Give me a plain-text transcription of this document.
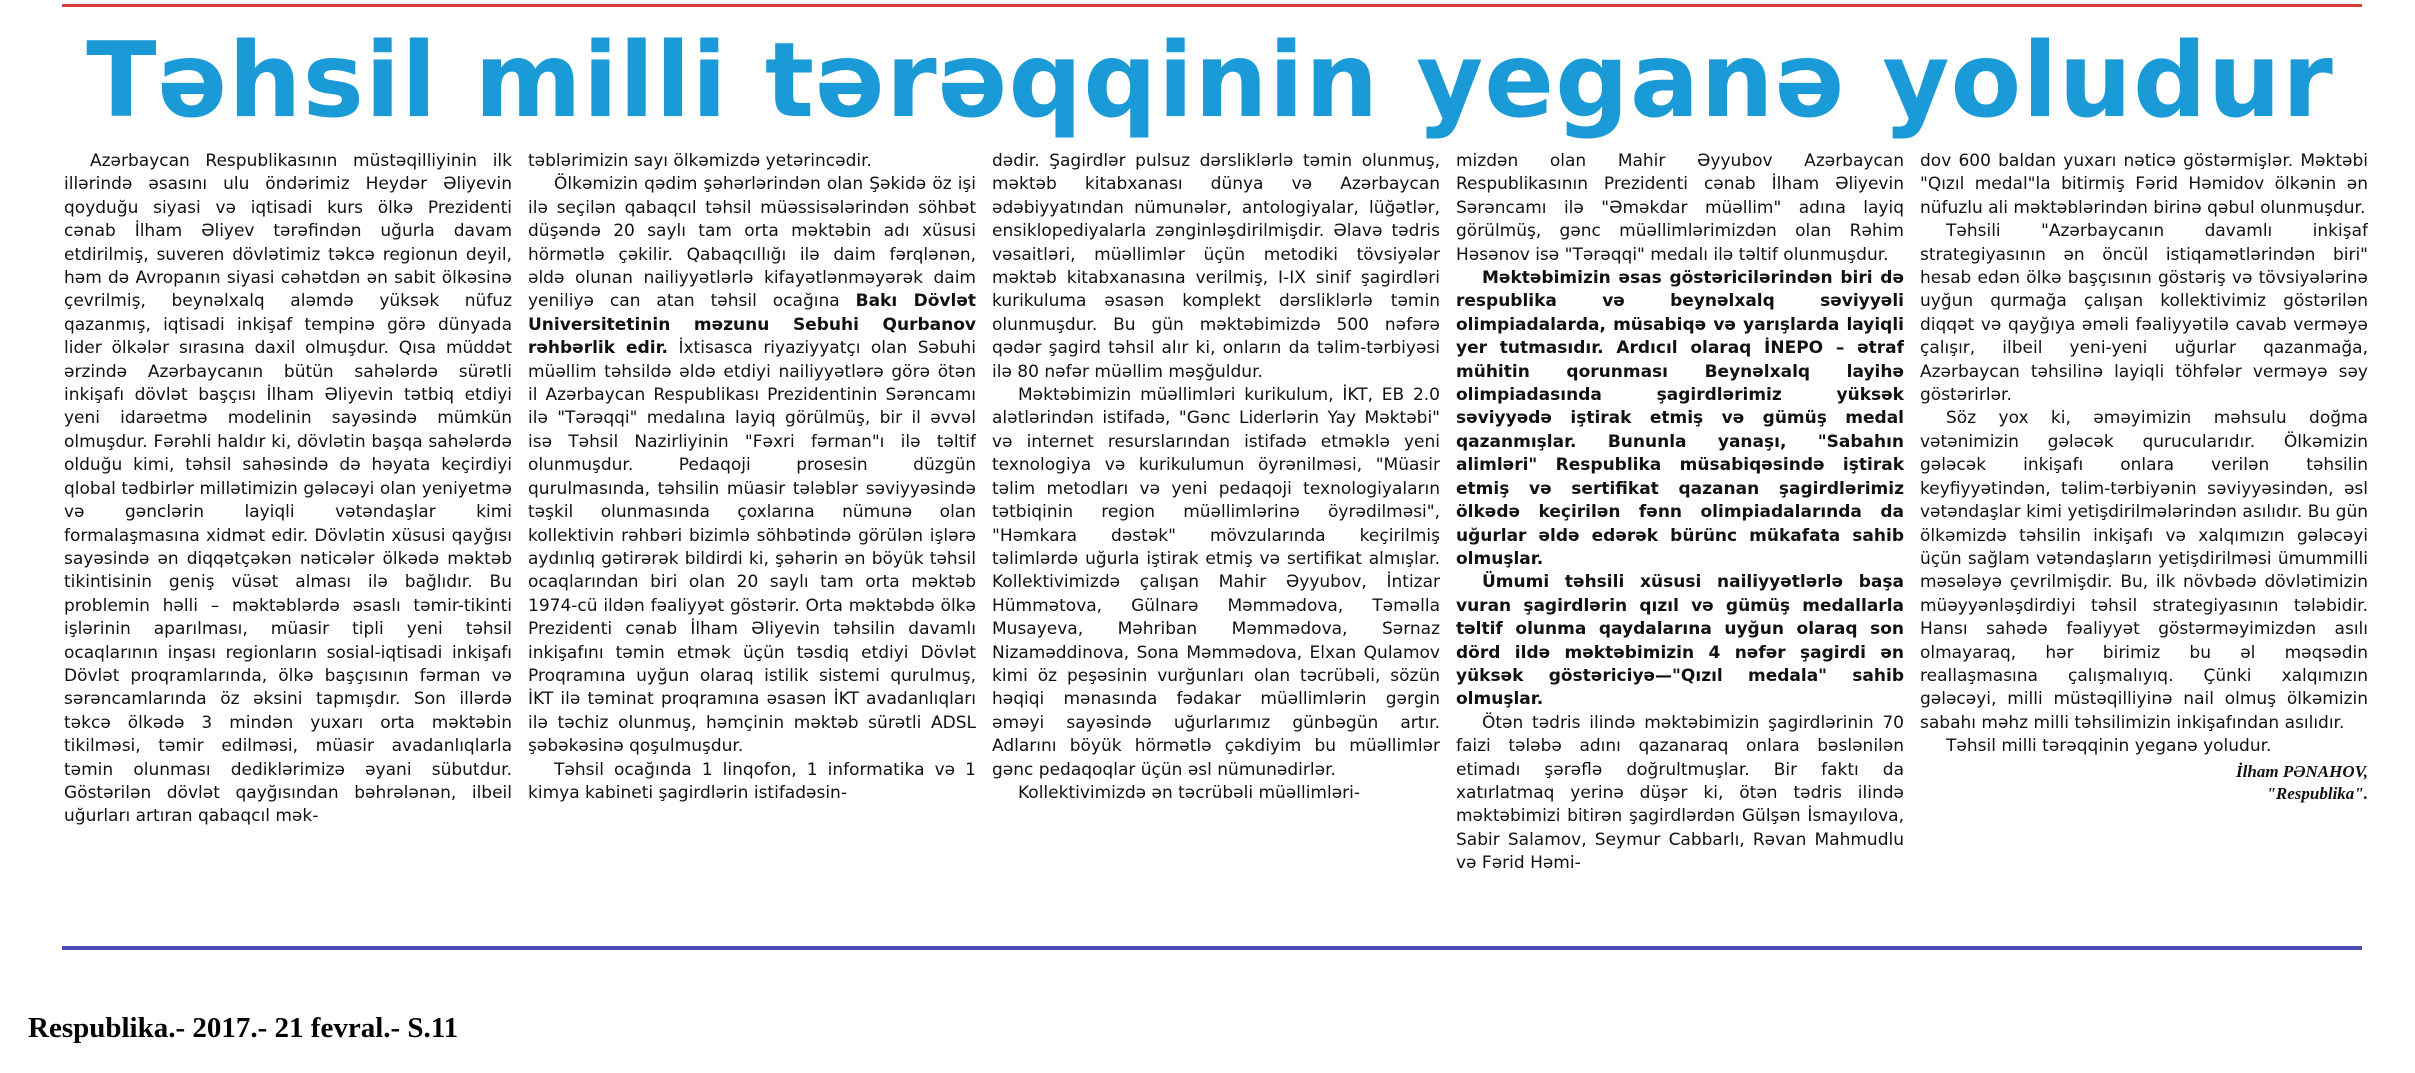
Təhsil milli tərəqqinin yeganə yoludur

Azərbaycan Respublikasının müstəqilliyinin ilk illərində əsasını ulu öndərimiz Heydər Əliyevin qoyduğu siyasi və iqtisadi kurs ölkə Prezidenti cənab İlham Əliyev tərəfindən uğurla davam etdirilmiş, suveren dövlətimiz təkcə regionun deyil, həm də Avropanın siyasi cəhətdən ən sabit ölkəsinə çevrilmiş, beynəlxalq aləmdə yüksək nüfuz qazanmış, iqtisadi inkişaf tempinə görə dünyada lider ölkələr sırasına daxil olmuşdur. Qısa müddət ərzində Azərbaycanın bütün sahələrdə sürətli inkişafı dövlət başçısı İlham Əliyevin tətbiq etdiyi yeni idarəetmə modelinin sayəsində mümkün olmuşdur. Fərəhli haldır ki, dövlətin başqa sahələrdə olduğu kimi, təhsil sahəsində də həyata keçirdiyi qlobal tədbirlər millətimizin gələcəyi olan yeniyetmə və gənclərin layiqli vətəndaşlar kimi formalaşmasına xidmət edir. Dövlətin xüsusi qayğısı sayəsində ən diqqətçəkən nəticələr ölkədə məktəb tikintisinin geniş vüsət alması ilə bağlıdır. Bu problemin həlli – məktəblərdə əsaslı təmir-tikinti işlərinin aparılması, müasir tipli yeni təhsil ocaqlarının inşası regionların sosial-iqtisadi inkişafı Dövlət proqramlarında, ölkə başçısının fərman və sərəncamlarında öz əksini tapmışdır. Son illərdə təkcə ölkədə 3 mindən yuxarı orta məktəbin tikilməsi, təmir edilməsi, müasir avadanlıqlarla təmin olunması dediklərimizə əyani sübutdur. Göstərilən dövlət qayğısından bəhrələnən, ilbeil uğurları artıran qabaqcıl mək-

təblərimizin sayı ölkəmizdə yetərincədir.

Ölkəmizin qədim şəhərlərindən olan Şəkidə öz işi ilə seçilən qabaqcıl təhsil müəssisələrindən söhbət düşəndə 20 saylı tam orta məktəbin adı xüsusi hörmətlə çəkilir. Qabaqcıllığı ilə daim fərqlənən, əldə olunan nailiyyətlərlə kifayətlənməyərək daim yeniliyə can atan təhsil ocağına Bakı Dövlət Universitetinin məzunu Sebuhi Qurbanov rəhbərlik edir. İxtisasca riyaziyyatçı olan Səbuhi müəllim təhsildə əldə etdiyi nailiyyətlərə görə ötən il Azərbaycan Respublikası Prezidentinin Sərəncamı ilə "Tərəqqi" medalına layiq görülmüş, bir il əvvəl isə Təhsil Nazirliyinin "Fəxri fərman"ı ilə təltif olunmuşdur. Pedaqoji prosesin düzgün qurulmasında, təhsilin müasir tələblər səviyyəsində təşkil olunmasında çoxlarına nümunə olan kollektivin rəhbəri bizimlə söhbətində görülən işlərə aydınlıq gətirərək bildirdi ki, şəhərin ən böyük təhsil ocaqlarından biri olan 20 saylı tam orta məktəb 1974-cü ildən fəaliyyət göstərir. Orta məktəbdə ölkə Prezidenti cənab İlham Əliyevin təhsilin davamlı inkişafını təmin etmək üçün təsdiq etdiyi Dövlət Proqramına uyğun olaraq istilik sistemi qurulmuş, İKT ilə təminat proqramına əsasən İKT avadanlıqları ilə təchiz olunmuş, həmçinin məktəb sürətli ADSL şəbəkəsinə qoşulmuşdur.

Təhsil ocağında 1 linqofon, 1 informatika və 1 kimya kabineti şagirdlərin istifadəsin-

dədir. Şagirdlər pulsuz dərsliklərlə təmin olunmuş, məktəb kitabxanası dünya və Azərbaycan ədəbiyyatından nümunələr, antologiyalar, lüğətlər, ensiklopediyalarla zənginləşdirilmişdir. Əlavə tədris vəsaitləri, müəllimlər üçün metodiki tövsiyələr məktəb kitabxanasına verilmiş, I-IX sinif şagirdləri kurikuluma əsasən komplekt dərsliklərlə təmin olunmuşdur. Bu gün məktəbimizdə 500 nəfərə qədər şagird təhsil alır ki, onların da təlim-tərbiyəsi ilə 80 nəfər müəllim məşğuldur.

Məktəbimizin müəllimləri kurikulum, İKT, EB 2.0 alətlərindən istifadə, "Gənc Liderlərin Yay Məktəbi" və internet resurslarından istifadə etməklə yeni texnologiya və kurikulumun öyrənilməsi, "Müasir təlim metodları və yeni pedaqoji texnologiyaların tətbiqinin region müəllimlərinə öyrədilməsi", "Həmkara dəstək" mövzularında keçirilmiş təlimlərdə uğurla iştirak etmiş və sertifikat almışlar. Kollektivimizdə çalışan Mahir Əyyubov, İntizar Hümmətova, Gülnarə Məmmədova, Təməlla Musayeva, Məhriban Məmmədova, Sərnaz Nizaməddinova, Sona Məmmədova, Elxan Qulamov kimi öz peşəsinin vurğunları olan təcrübəli, sözün həqiqi mənasında fədakar müəllimlərin gərgin əməyi sayəsində uğurlarımız günbəgün artır. Adlarını böyük hörmətlə çəkdiyim bu müəllimlər gənc pedaqoqlar üçün əsl nümunədirlər.

Kollektivimizdə ən təcrübəli müəllimləri-

mizdən olan Mahir Əyyubov Azərbaycan Respublikasının Prezidenti cənab İlham Əliyevin Sərəncamı ilə "Əməkdar müəllim" adına layiq görülmüş, gənc müəllimlərimizdən olan Rəhim Həsənov isə "Tərəqqi" medalı ilə təltif olunmuşdur.

Məktəbimizin əsas göstəricilərindən biri də respublika və beynəlxalq səviyyəli olimpiadalarda, müsabiqə və yarışlarda layiqli yer tutmasıdır. Ardıcıl olaraq İNEPO – ətraf mühitin qorunması Beynəlxalq layihə olimpiadasında şagirdlərimiz yüksək səviyyədə iştirak etmiş və gümüş medal qazanmışlar. Bununla yanaşı, "Sabahın alimləri" Respublika müsabiqəsində iştirak etmiş və sertifikat qazanan şagirdlərimiz ölkədə keçirilən fənn olimpiadalarında da uğurlar əldə edərək bürünc mükafata sahib olmuşlar.

Ümumi təhsili xüsusi nailiyyətlərlə başa vuran şagirdlərin qızıl və gümüş medallarla təltif olunma qaydalarına uyğun olaraq son dörd ildə məktəbimizin 4 nəfər şagirdi ən yüksək göstəriciyə—"Qızıl medala" sahib olmuşlar.

Ötən tədris ilində məktəbimizin şagirdlərinin 70 faizi tələbə adını qazanaraq onlara bəslənilən etimadı şərəflə doğrultmuşlar. Bir faktı da xatırlatmaq yerinə düşər ki, ötən tədris ilində məktəbimizi bitirən şagirdlərdən Gülşən İsmayılova, Sabir Salamov, Seymur Cabbarlı, Rəvan Mahmudlu və Fərid Həmi-

dov 600 baldan yuxarı nəticə göstərmişlər. Məktəbi "Qızıl medal"la bitirmiş Fərid Həmidov ölkənin ən nüfuzlu ali məktəblərindən birinə qəbul olunmuşdur.

Təhsili "Azərbaycanın davamlı inkişaf strategiyasının ən öncül istiqamətlərindən biri" hesab edən ölkə başçısının göstəriş və tövsiyələrinə uyğun qurmağa çalışan kollektivimiz göstərilən diqqət və qayğıya əməli fəaliyyətilə cavab verməyə çalışır, ilbeil yeni-yeni uğurlar qazanmağa, Azərbaycan təhsilinə layiqli töhfələr verməyə səy göstərirlər.

Söz yox ki, əməyimizin məhsulu doğma vətənimizin gələcək qurucularıdır. Ölkəmizin gələcək inkişafı onlara verilən təhsilin keyfiyyətindən, təlim-tərbiyənin səviyyəsindən, əsl vətəndaşlar kimi yetişdirilmələrindən asılıdır. Bu gün ölkəmizdə təhsilin inkişafı və xalqımızın gələcəyi üçün sağlam vətəndaşların yetişdirilməsi ümummilli məsələyə çevrilmişdir. Bu, ilk növbədə dövlətimizin müəyyənləşdirdiyi təhsil strategiyasının tələbidir. Hansı sahədə fəaliyyət göstərməyimizdən asılı olmayaraq, hər birimiz bu əl məqsədin reallaşmasına çalışmalıyıq. Çünki xalqımızın gələcəyi, milli müstəqilliyinə nail olmuş ölkəmizin sabahı məhz milli təhsilimizin inkişafından asılıdır.

Təhsil milli tərəqqinin yeganə yoludur.

İlham PƏNAHOV,
"Respublika".

Respublika.- 2017.- 21 fevral.- S.11
